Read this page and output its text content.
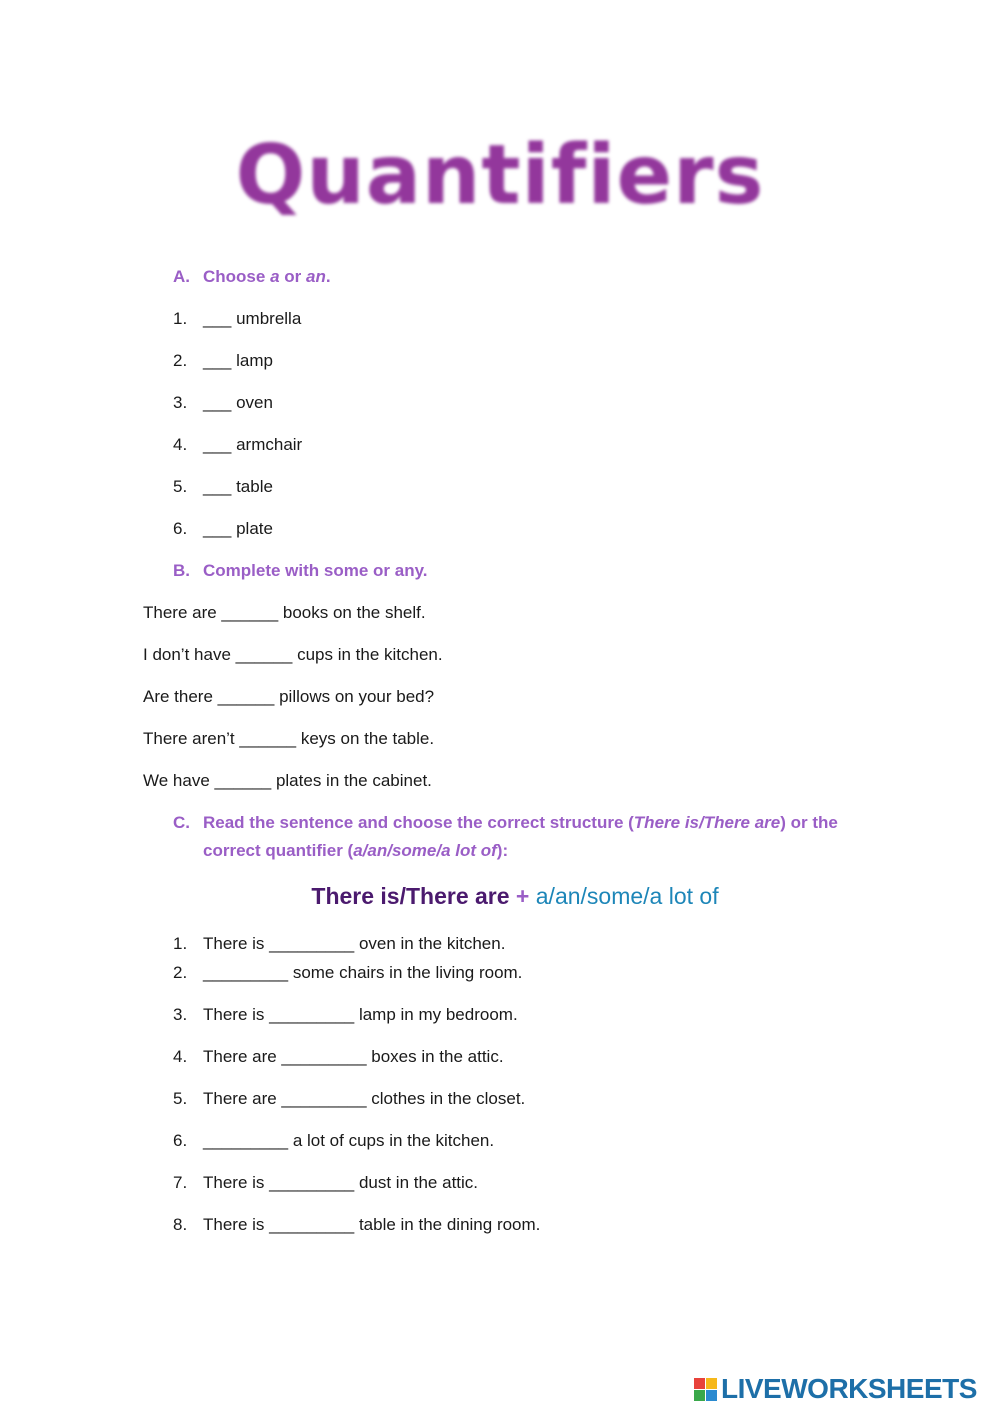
Quantifiers
A. Choose a or an.
1. ___ umbrella
2. ___ lamp
3. ___ oven
4. ___ armchair
5. ___ table
6. ___ plate
B. Complete with some or any.
There are ______ books on the shelf.
I don’t have ______ cups in the kitchen.
Are there ______ pillows on your bed?
There aren’t ______ keys on the table.
We have ______ plates in the cabinet.
C. Read the sentence and choose the correct structure (There is/There are) or the correct quantifier (a/an/some/a lot of):
There is/There are + a/an/some/a lot of
1. There is _________ oven in the kitchen.
2. _________ some chairs in the living room.
3. There is _________ lamp in my bedroom.
4. There are _________ boxes in the attic.
5. There are _________ clothes in the closet.
6. _________ a lot of cups in the kitchen.
7. There is _________ dust in the attic.
8. There is _________ table in the dining room.
LIVEWORKSHEETS
